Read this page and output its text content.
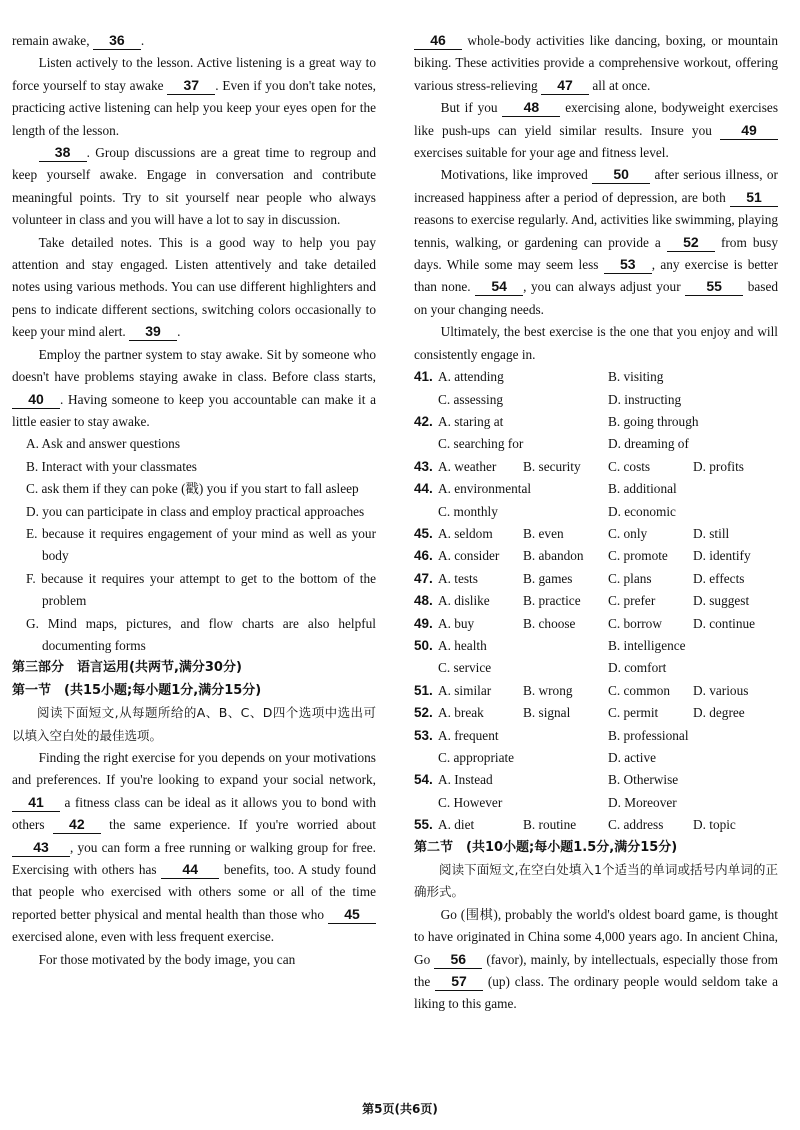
remain awake, 36 .

Listen actively to the lesson. Active listening is a great way to force yourself to stay awake 37 . Even if you don't take notes, practicing active listening can help you keep your eyes open for the length of the lesson.

38 . Group discussions are a great time to regroup and keep yourself awake. Engage in conversation and contribute meaningful points. Try to sit yourself near people who always volunteer in class and you will have a lot to say in discussion.

Take detailed notes. This is a good way to help you pay attention and stay engaged. Listen attentively and take detailed notes using various methods. You can use different highlighters and pens to indicate different sections, switching colors occasionally to keep your mind alert. 39 .

Employ the partner system to stay awake. Sit by someone who doesn't have problems staying awake in class. Before class starts, 40 . Having someone to keep you accountable can make it a little easier to stay awake.

A. Ask and answer questions

B. Interact with your classmates

C. ask them if they can poke (戳) you if you start to fall asleep

D. you can participate in class and employ practical approaches

E. because it requires engagement of your mind as well as your body

F. because it requires your attempt to get to the bottom of the problem

G. Mind maps, pictures, and flow charts are also helpful documenting forms

第三部分　语言运用(共两节,满分30分)

第一节　(共15小题;每小题1分,满分15分)

阅读下面短文,从每题所给的A、B、C、D四个选项中选出可以填入空白处的最佳选项。

Finding the right exercise for you depends on your motivations and preferences. If you're looking to expand your social network, 41 a fitness class can be ideal as it allows you to bond with others 42 the same experience. If you're worried about 43 , you can form a free running or walking group for free. Exercising with others has 44 benefits, too. A study found that people who exercised with others some or all of the time reported better physical and mental health than those who 45 exercised alone, even with less frequent exercise.

For those motivated by the body image, you can

46 whole-body activities like dancing, boxing, or mountain biking. These activities provide a comprehensive workout, offering various stress-relieving 47 all at once.

But if you 48 exercising alone, bodyweight exercises like push-ups can yield similar results. Insure you 49 exercises suitable for your age and fitness level.

Motivations, like improved 50 after serious illness, or increased happiness after a period of depression, are both 51 reasons to exercise regularly. And, activities like swimming, playing tennis, walking, or gardening can provide a 52 from busy days. While some may seem less 53 , any exercise is better than none. 54 , you can always adjust your 55 based on your changing needs.

Ultimately, the best exercise is the one that you enjoy and will consistently engage in.

41. A. attending	B. visiting
C. assessing	D. instructing
42. A. staring at	B. going through
C. searching for	D. dreaming of
43. A. weather	B. security	C. costs	D. profits
44. A. environmental	B. additional
C. monthly	D. economic
45. A. seldom	B. even	C. only	D. still
46. A. consider	B. abandon	C. promote	D. identify
47. A. tests	B. games	C. plans	D. effects
48. A. dislike	B. practice	C. prefer	D. suggest
49. A. buy	B. choose	C. borrow	D. continue
50. A. health	B. intelligence
C. service	D. comfort
51. A. similar	B. wrong	C. common	D. various
52. A. break	B. signal	C. permit	D. degree
53. A. frequent	B. professional
C. appropriate	D. active
54. A. Instead	B. Otherwise
C. However	D. Moreover
55. A. diet	B. routine	C. address	D. topic

第二节　(共10小题;每小题1.5分,满分15分)

阅读下面短文,在空白处填入1个适当的单词或括号内单词的正确形式。

Go (围棋), probably the world's oldest board game, is thought to have originated in China some 4,000 years ago. In ancient China, Go 56 (favor), mainly, by intellectuals, especially those from the 57 (up) class. The ordinary people would seldom take a liking to this game.

第5页(共6页)
